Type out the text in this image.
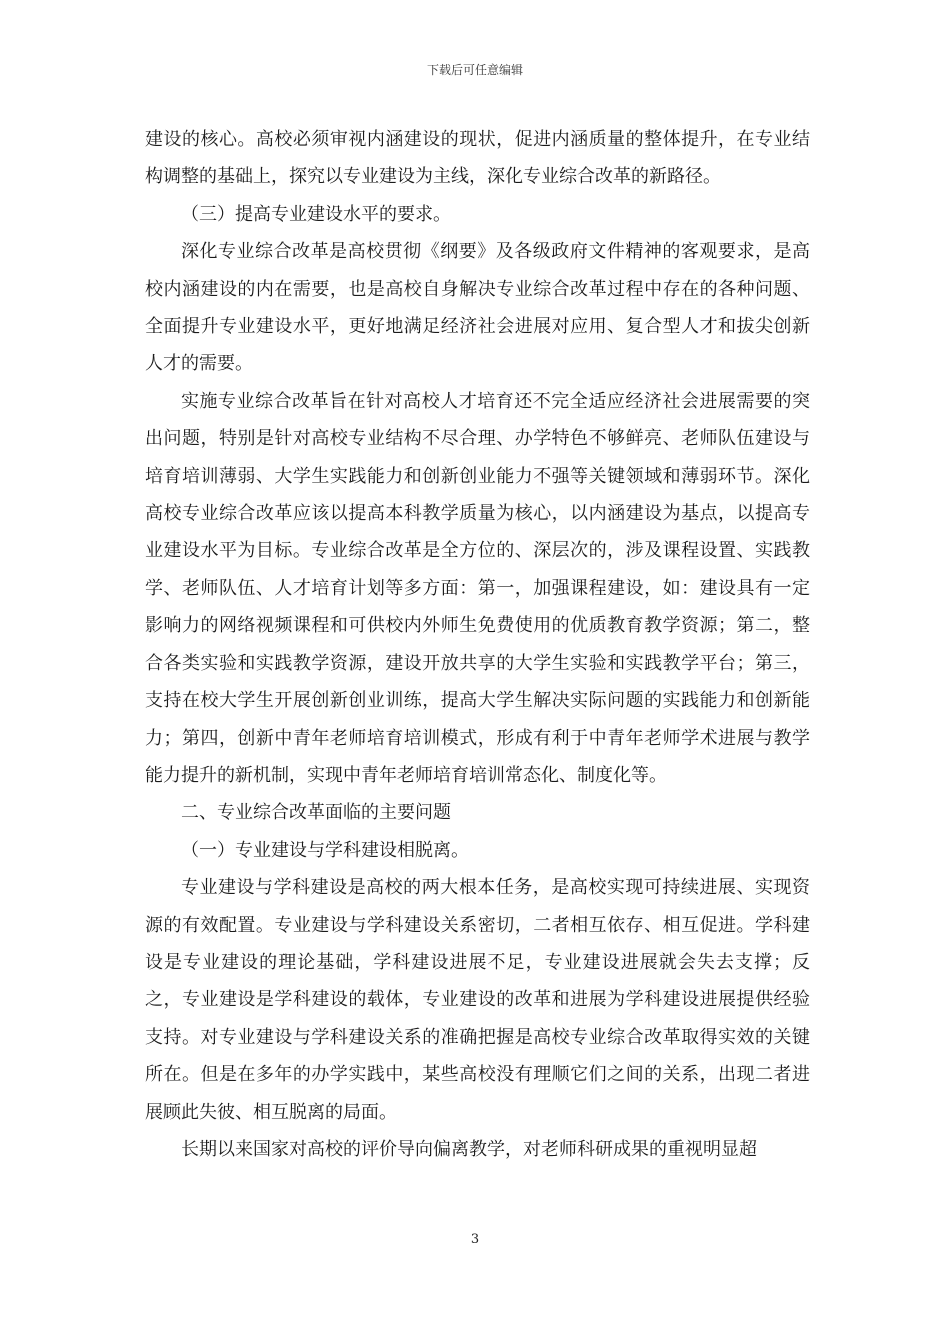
下载后可任意编辑

建设的核心。高校必须审视内涵建设的现状，促进内涵质量的整体提升，在专业结构调整的基础上，探究以专业建设为主线，深化专业综合改革的新路径。

（三）提高专业建设水平的要求。

深化专业综合改革是高校贯彻《纲要》及各级政府文件精神的客观要求，是高校内涵建设的内在需要，也是高校自身解决专业综合改革过程中存在的各种问题、全面提升专业建设水平，更好地满足经济社会进展对应用、复合型人才和拔尖创新人才的需要。

实施专业综合改革旨在针对高校人才培育还不完全适应经济社会进展需要的突出问题，特别是针对高校专业结构不尽合理、办学特色不够鲜亮、老师队伍建设与培育培训薄弱、大学生实践能力和创新创业能力不强等关键领域和薄弱环节。深化高校专业综合改革应该以提高本科教学质量为核心，以内涵建设为基点，以提高专业建设水平为目标。专业综合改革是全方位的、深层次的，涉及课程设置、实践教学、老师队伍、人才培育计划等多方面：第一，加强课程建设，如：建设具有一定影响力的网络视频课程和可供校内外师生免费使用的优质教育教学资源；第二，整合各类实验和实践教学资源，建设开放共享的大学生实验和实践教学平台；第三，支持在校大学生开展创新创业训练，提高大学生解决实际问题的实践能力和创新能力；第四，创新中青年老师培育培训模式，形成有利于中青年老师学术进展与教学能力提升的新机制，实现中青年老师培育培训常态化、制度化等。

二、专业综合改革面临的主要问题

（一）专业建设与学科建设相脱离。

专业建设与学科建设是高校的两大根本任务，是高校实现可持续进展、实现资源的有效配置。专业建设与学科建设关系密切，二者相互依存、相互促进。学科建设是专业建设的理论基础，学科建设进展不足，专业建设进展就会失去支撑；反之，专业建设是学科建设的载体，专业建设的改革和进展为学科建设进展提供经验支持。对专业建设与学科建设关系的准确把握是高校专业综合改革取得实效的关键所在。但是在多年的办学实践中，某些高校没有理顺它们之间的关系，出现二者进展顾此失彼、相互脱离的局面。

长期以来国家对高校的评价导向偏离教学，对老师科研成果的重视明显超

3
